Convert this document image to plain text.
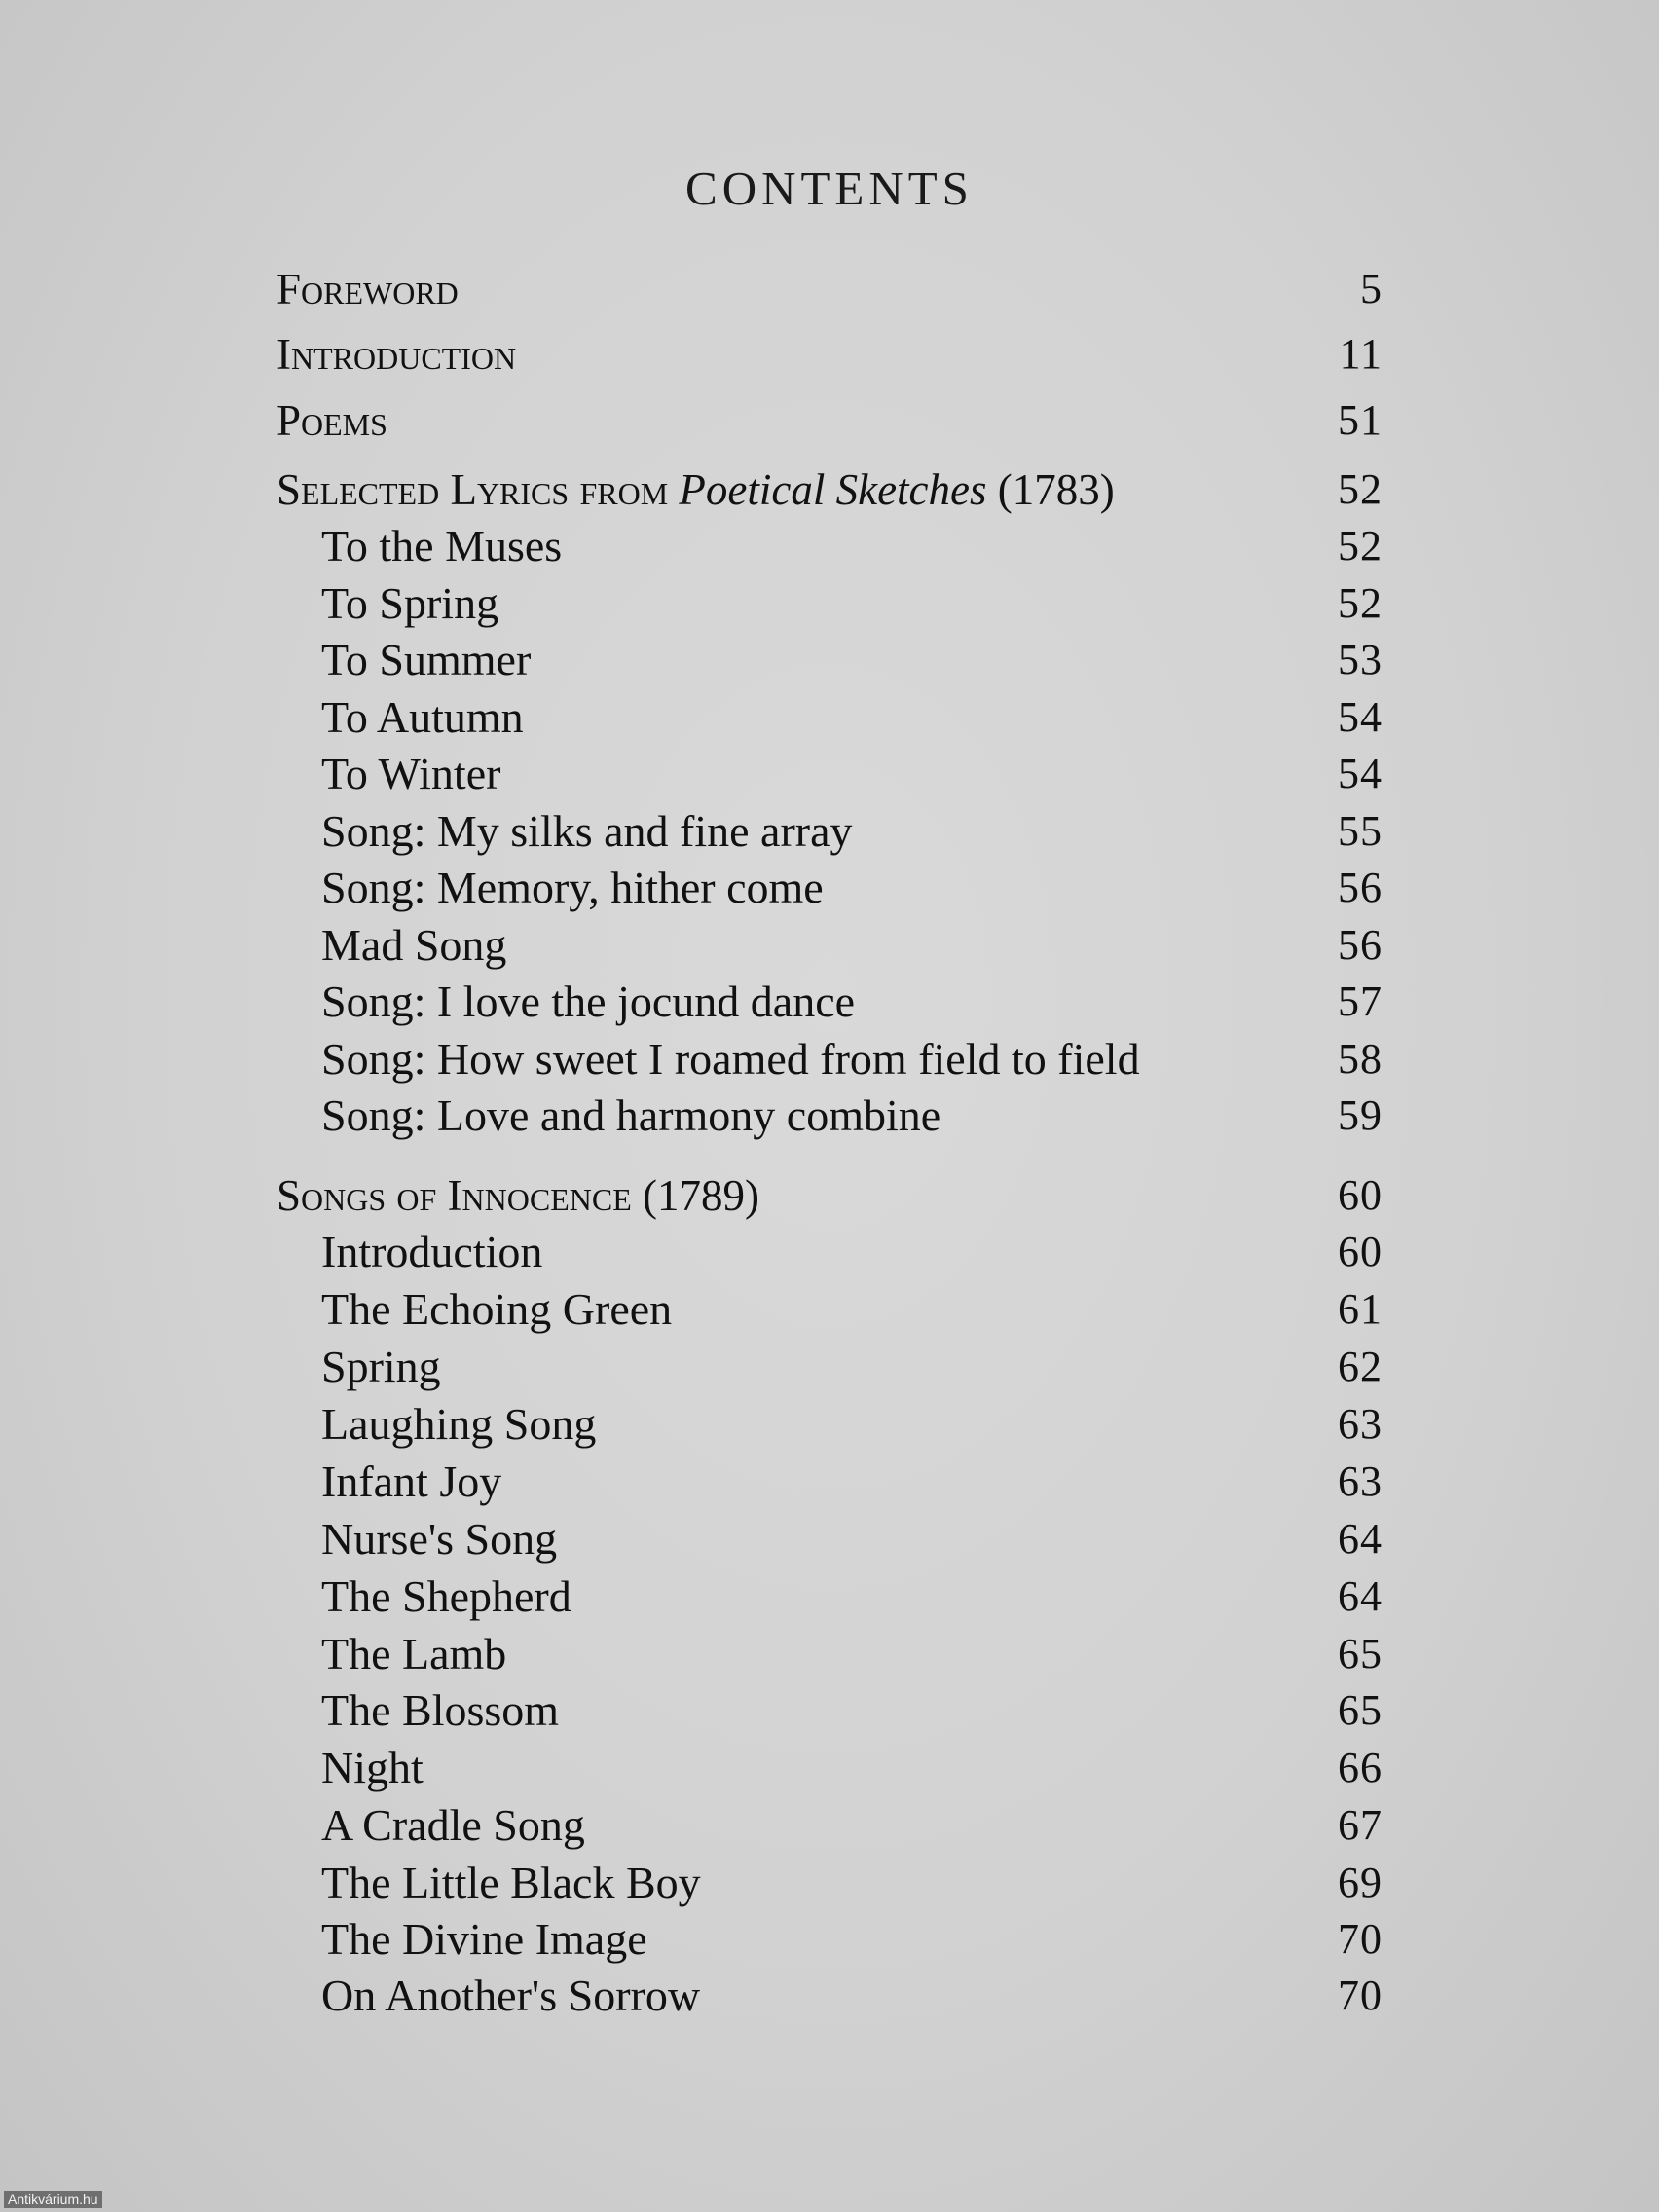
CONTENTS
Foreword	5
Introduction	11
Poems	51
Selected Lyrics from Poetical Sketches (1783)	52
To the Muses	52
To Spring	52
To Summer	53
To Autumn	54
To Winter	54
Song: My silks and fine array	55
Song: Memory, hither come	56
Mad Song	56
Song: I love the jocund dance	57
Song: How sweet I roamed from field to field	58
Song: Love and harmony combine	59
Songs of Innocence (1789)	60
Introduction	60
The Echoing Green	61
Spring	62
Laughing Song	63
Infant Joy	63
Nurse's Song	64
The Shepherd	64
The Lamb	65
The Blossom	65
Night	66
A Cradle Song	67
The Little Black Boy	69
The Divine Image	70
On Another's Sorrow	70
Antikvárium.hu
